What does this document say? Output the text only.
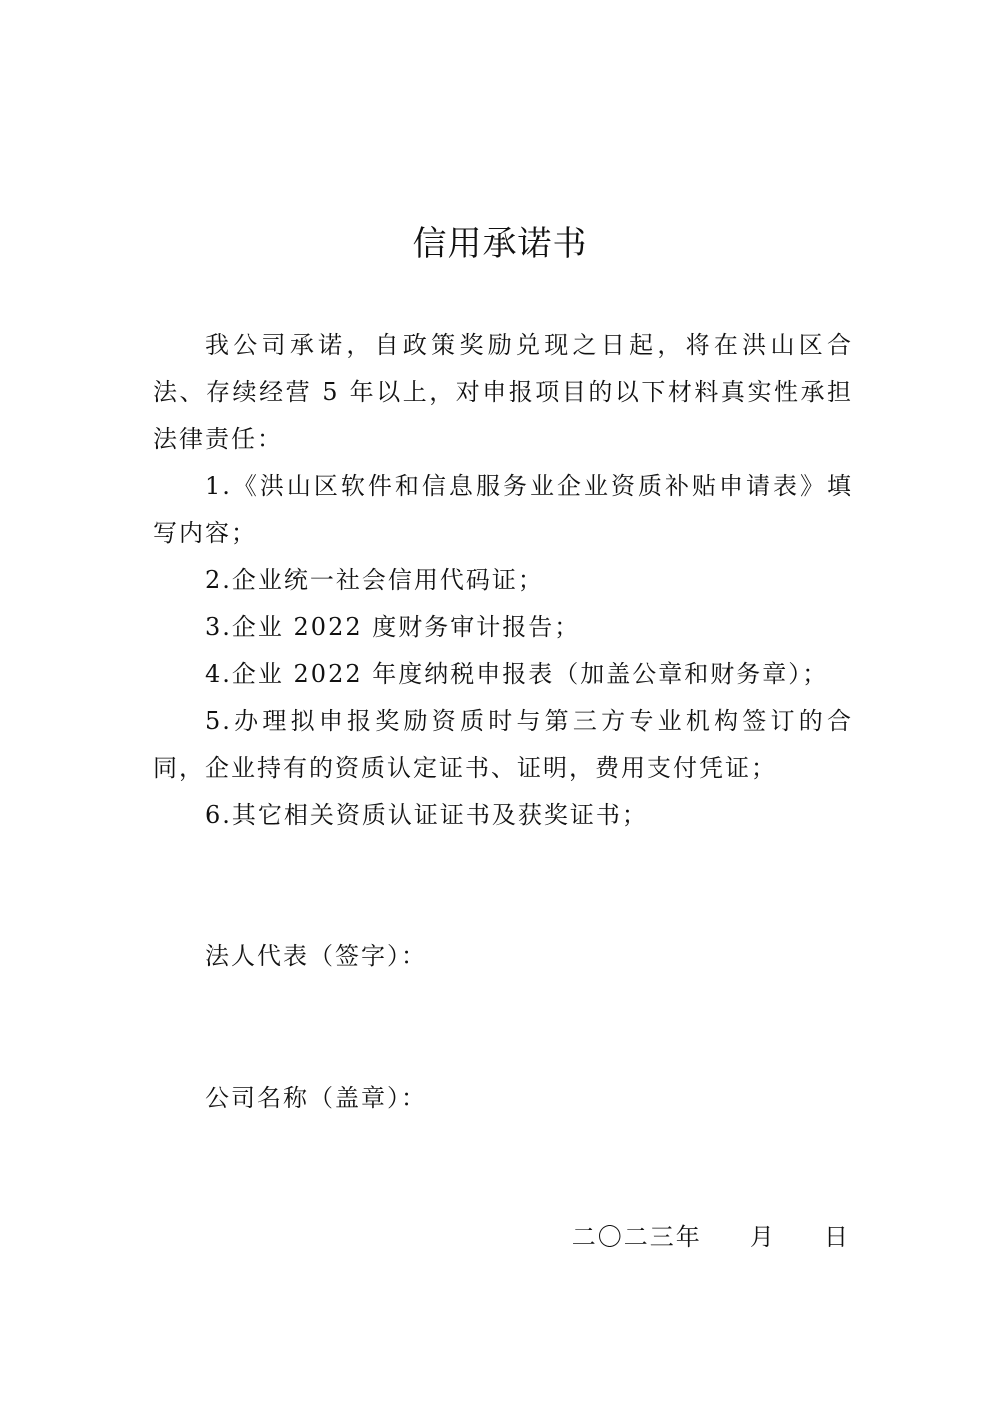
信用承诺书
我公司承诺，自政策奖励兑现之日起，将在洪山区合法、存续经营 5 年以上，对申报项目的以下材料真实性承担法律责任：
1.《洪山区软件和信息服务业企业资质补贴申请表》填写内容；
2.企业统一社会信用代码证；
3.企业 2022 度财务审计报告；
4.企业 2022 年度纳税申报表（加盖公章和财务章）；
5.办理拟申报奖励资质时与第三方专业机构签订的合同，企业持有的资质认定证书、证明，费用支付凭证；
6.其它相关资质认证证书及获奖证书；
法人代表（签字）：
公司名称（盖章）：
二〇二三年     月     日
